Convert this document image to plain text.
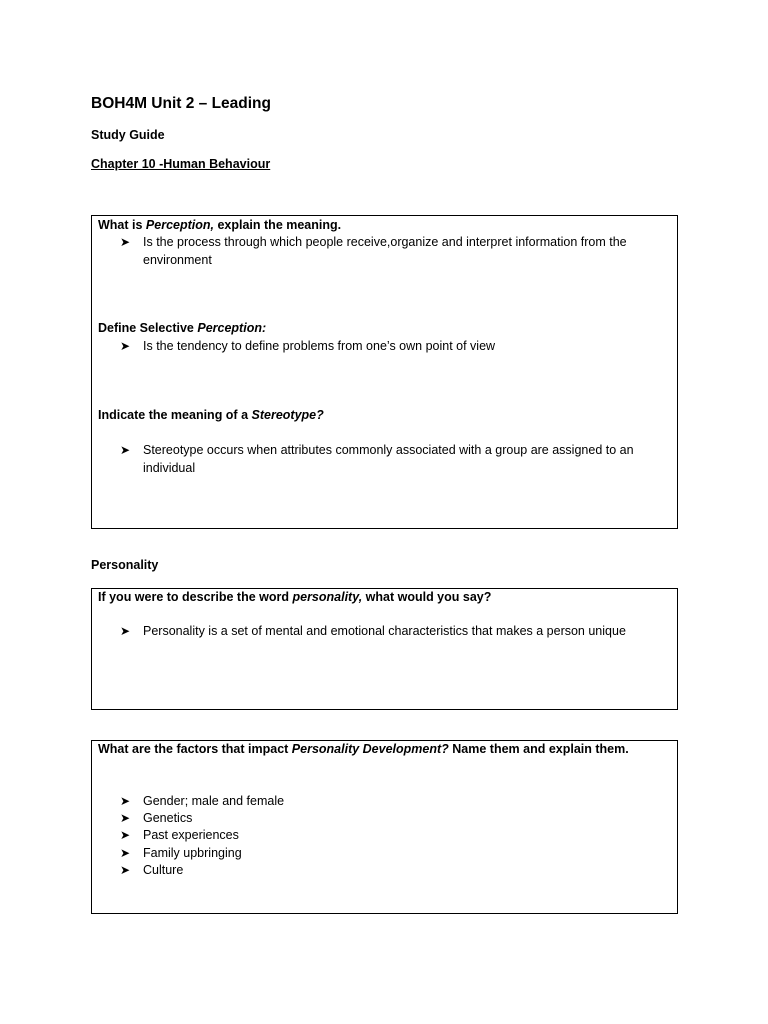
BOH4M Unit 2 – Leading
Study Guide
Chapter 10 -Human Behaviour
What is Perception, explain the meaning.
➤	Is the process through which people receive,organize and interpret information from the environment
Define Selective Perception:
➤	Is the tendency to define problems from one’s own point of view
Indicate the meaning of a Stereotype?
➤	Stereotype occurs when attributes commonly associated with a group are assigned to an individual
Personality
If you were to describe the word personality, what would you say?
➤	Personality is a set of mental and emotional characteristics that makes a person unique
What are the factors that impact Personality Development? Name them and explain them.
➤	Gender; male and female
➤	Genetics
➤	Past experiences
➤	Family upbringing
➤	Culture
